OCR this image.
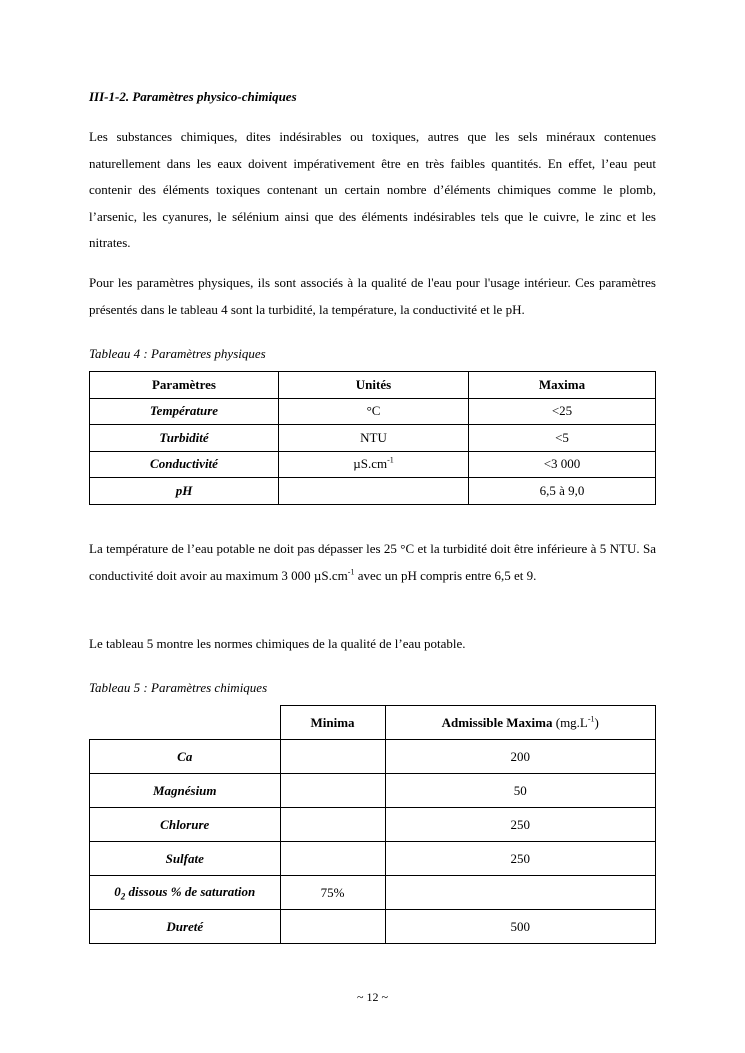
III-1-2. Paramètres physico-chimiques

Les substances chimiques, dites indésirables ou toxiques, autres que les sels minéraux contenues naturellement dans les eaux doivent impérativement être en très faibles quantités. En effet, l’eau peut contenir des éléments toxiques contenant un certain nombre d’éléments chimiques comme le plomb, l’arsenic, les cyanures, le sélénium ainsi que des éléments indésirables tels que le cuivre, le zinc et les nitrates.

Pour les paramètres physiques, ils sont associés à la qualité de l'eau pour l'usage intérieur. Ces paramètres présentés dans le tableau 4 sont la turbidité, la température, la conductivité et le pH.

Tableau 4 : Paramètres physiques
Paramètres	Unités	Maxima
Température	°C	<25
Turbidité	NTU	<5
Conductivité	$\mu S.cm^{-1}$	<3 000
pH		6,5 à 9,0

La température de l’eau potable ne doit pas dépasser les 25 °C et la turbidité doit être inférieure à 5 NTU. Sa conductivité doit avoir au maximum 3 000 $\mu S.cm^{-1}$ avec un pH compris entre 6,5 et 9.

Le tableau 5 montre les normes chimiques de la qualité de l’eau potable.

Tableau 5 : Paramètres chimiques
	Minima	Admissible Maxima $(mg.L^{-1})$
Ca		200
Magnésium		50
Chlorure		250
Sulfate		250
$0_2$ dissous % de saturation	75%	
Dureté		500
~ 12 ~
